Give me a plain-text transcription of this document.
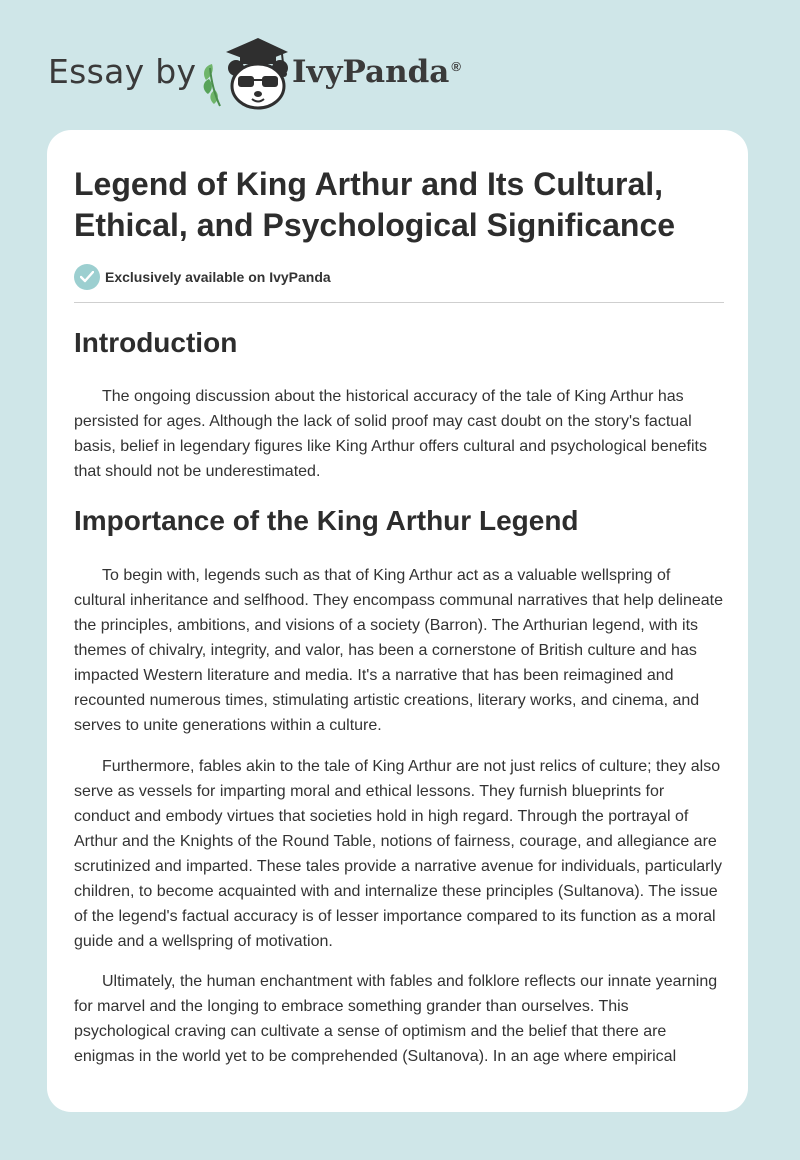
Essay by	IvyPanda ®
Legend of King Arthur and Its Cultural, Ethical, and Psychological Significance
Exclusively available on IvyPanda
Introduction

The ongoing discussion about the historical accuracy of the tale of King Arthur has persisted for ages. Although the lack of solid proof may cast doubt on the story's factual basis, belief in legendary figures like King Arthur offers cultural and psychological benefits that should not be underestimated.

Importance of the King Arthur Legend

To begin with, legends such as that of King Arthur act as a valuable wellspring of cultural inheritance and selfhood. They encompass communal narratives that help delineate the principles, ambitions, and visions of a society (Barron). The Arthurian legend, with its themes of chivalry, integrity, and valor, has been a cornerstone of British culture and has impacted Western literature and media. It's a narrative that has been reimagined and recounted numerous times, stimulating artistic creations, literary works, and cinema, and serves to unite generations within a culture.

Furthermore, fables akin to the tale of King Arthur are not just relics of culture; they also serve as vessels for imparting moral and ethical lessons. They furnish blueprints for conduct and embody virtues that societies hold in high regard. Through the portrayal of Arthur and the Knights of the Round Table, notions of fairness, courage, and allegiance are scrutinized and imparted. These tales provide a narrative avenue for individuals, particularly children, to become acquainted with and internalize these principles (Sultanova). The issue of the legend's factual accuracy is of lesser importance compared to its function as a moral guide and a wellspring of motivation.

Ultimately, the human enchantment with fables and folklore reflects our innate yearning for marvel and the longing to embrace something grander than ourselves. This psychological craving can cultivate a sense of optimism and the belief that there are enigmas in the world yet to be comprehended (Sultanova). In an age where empirical
